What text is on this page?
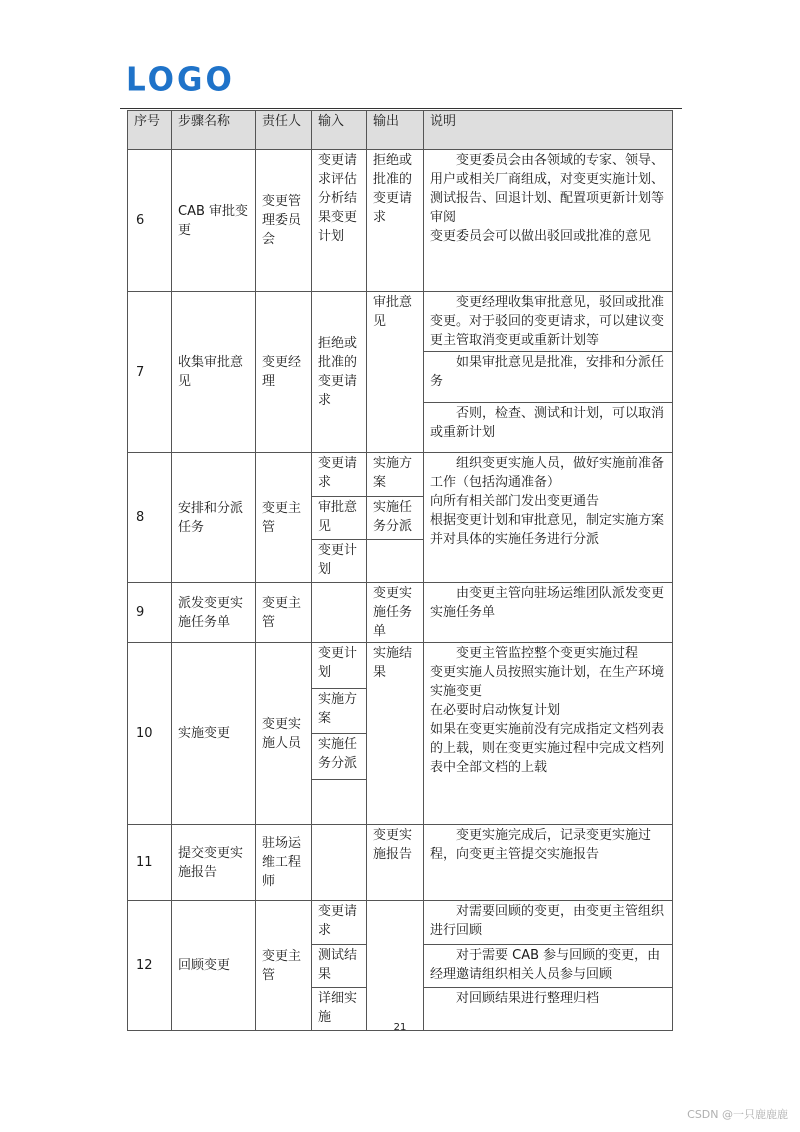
LOGO
序号	步骤名称	责任人	输入	输出	说明
6	CAB 审批变更	变更管理委员会	变更请求评估分析结果变更计划	拒绝或批准的变更请求	变更委员会由各领域的专家、领导、用户或相关厂商组成，对变更实施计划、测试报告、回退计划、配置项更新计划等审阅
变更委员会可以做出驳回或批准的意见
7	收集审批意见	变更经理	拒绝或批准的变更请求	审批意见	变更经理收集审批意见，驳回或批准变更。对于驳回的变更请求，可以建议变更主管取消变更或重新计划等
					如果审批意见是批准，安排和分派任务
					否则，检查、测试和计划，可以取消或重新计划
8	安排和分派任务	变更主管	变更请求	实施方案	组织变更实施人员，做好实施前准备工作（包括沟通准备）
向所有相关部门发出变更通告
根据变更计划和审批意见，制定实施方案并对具体的实施任务进行分派
			审批意见	实施任务分派	
			变更计划		
9	派发变更实施任务单	变更主管		变更实施任务单	由变更主管向驻场运维团队派发变更实施任务单
10	实施变更	变更实施人员	变更计划	实施结果	变更主管监控整个变更实施过程
变更实施人员按照实施计划，在生产环境实施变更
在必要时启动恢复计划
如果在变更实施前没有完成指定文档列表的上载，则在变更实施过程中完成文档列表中全部文档的上载
			实施方案		
			实施任务分派		

11	提交变更实施报告	驻场运维工程师		变更实施报告	变更实施完成后，记录变更实施过程，向变更主管提交实施报告
12	回顾变更	变更主管	变更请求		对需要回顾的变更，由变更主管组织进行回顾
			测试结果		对于需要 CAB 参与回顾的变更，由经理邀请组织相关人员参与回顾
			详细实施		对回顾结果进行整理归档
21
CSDN @一只鹿鹿鹿
